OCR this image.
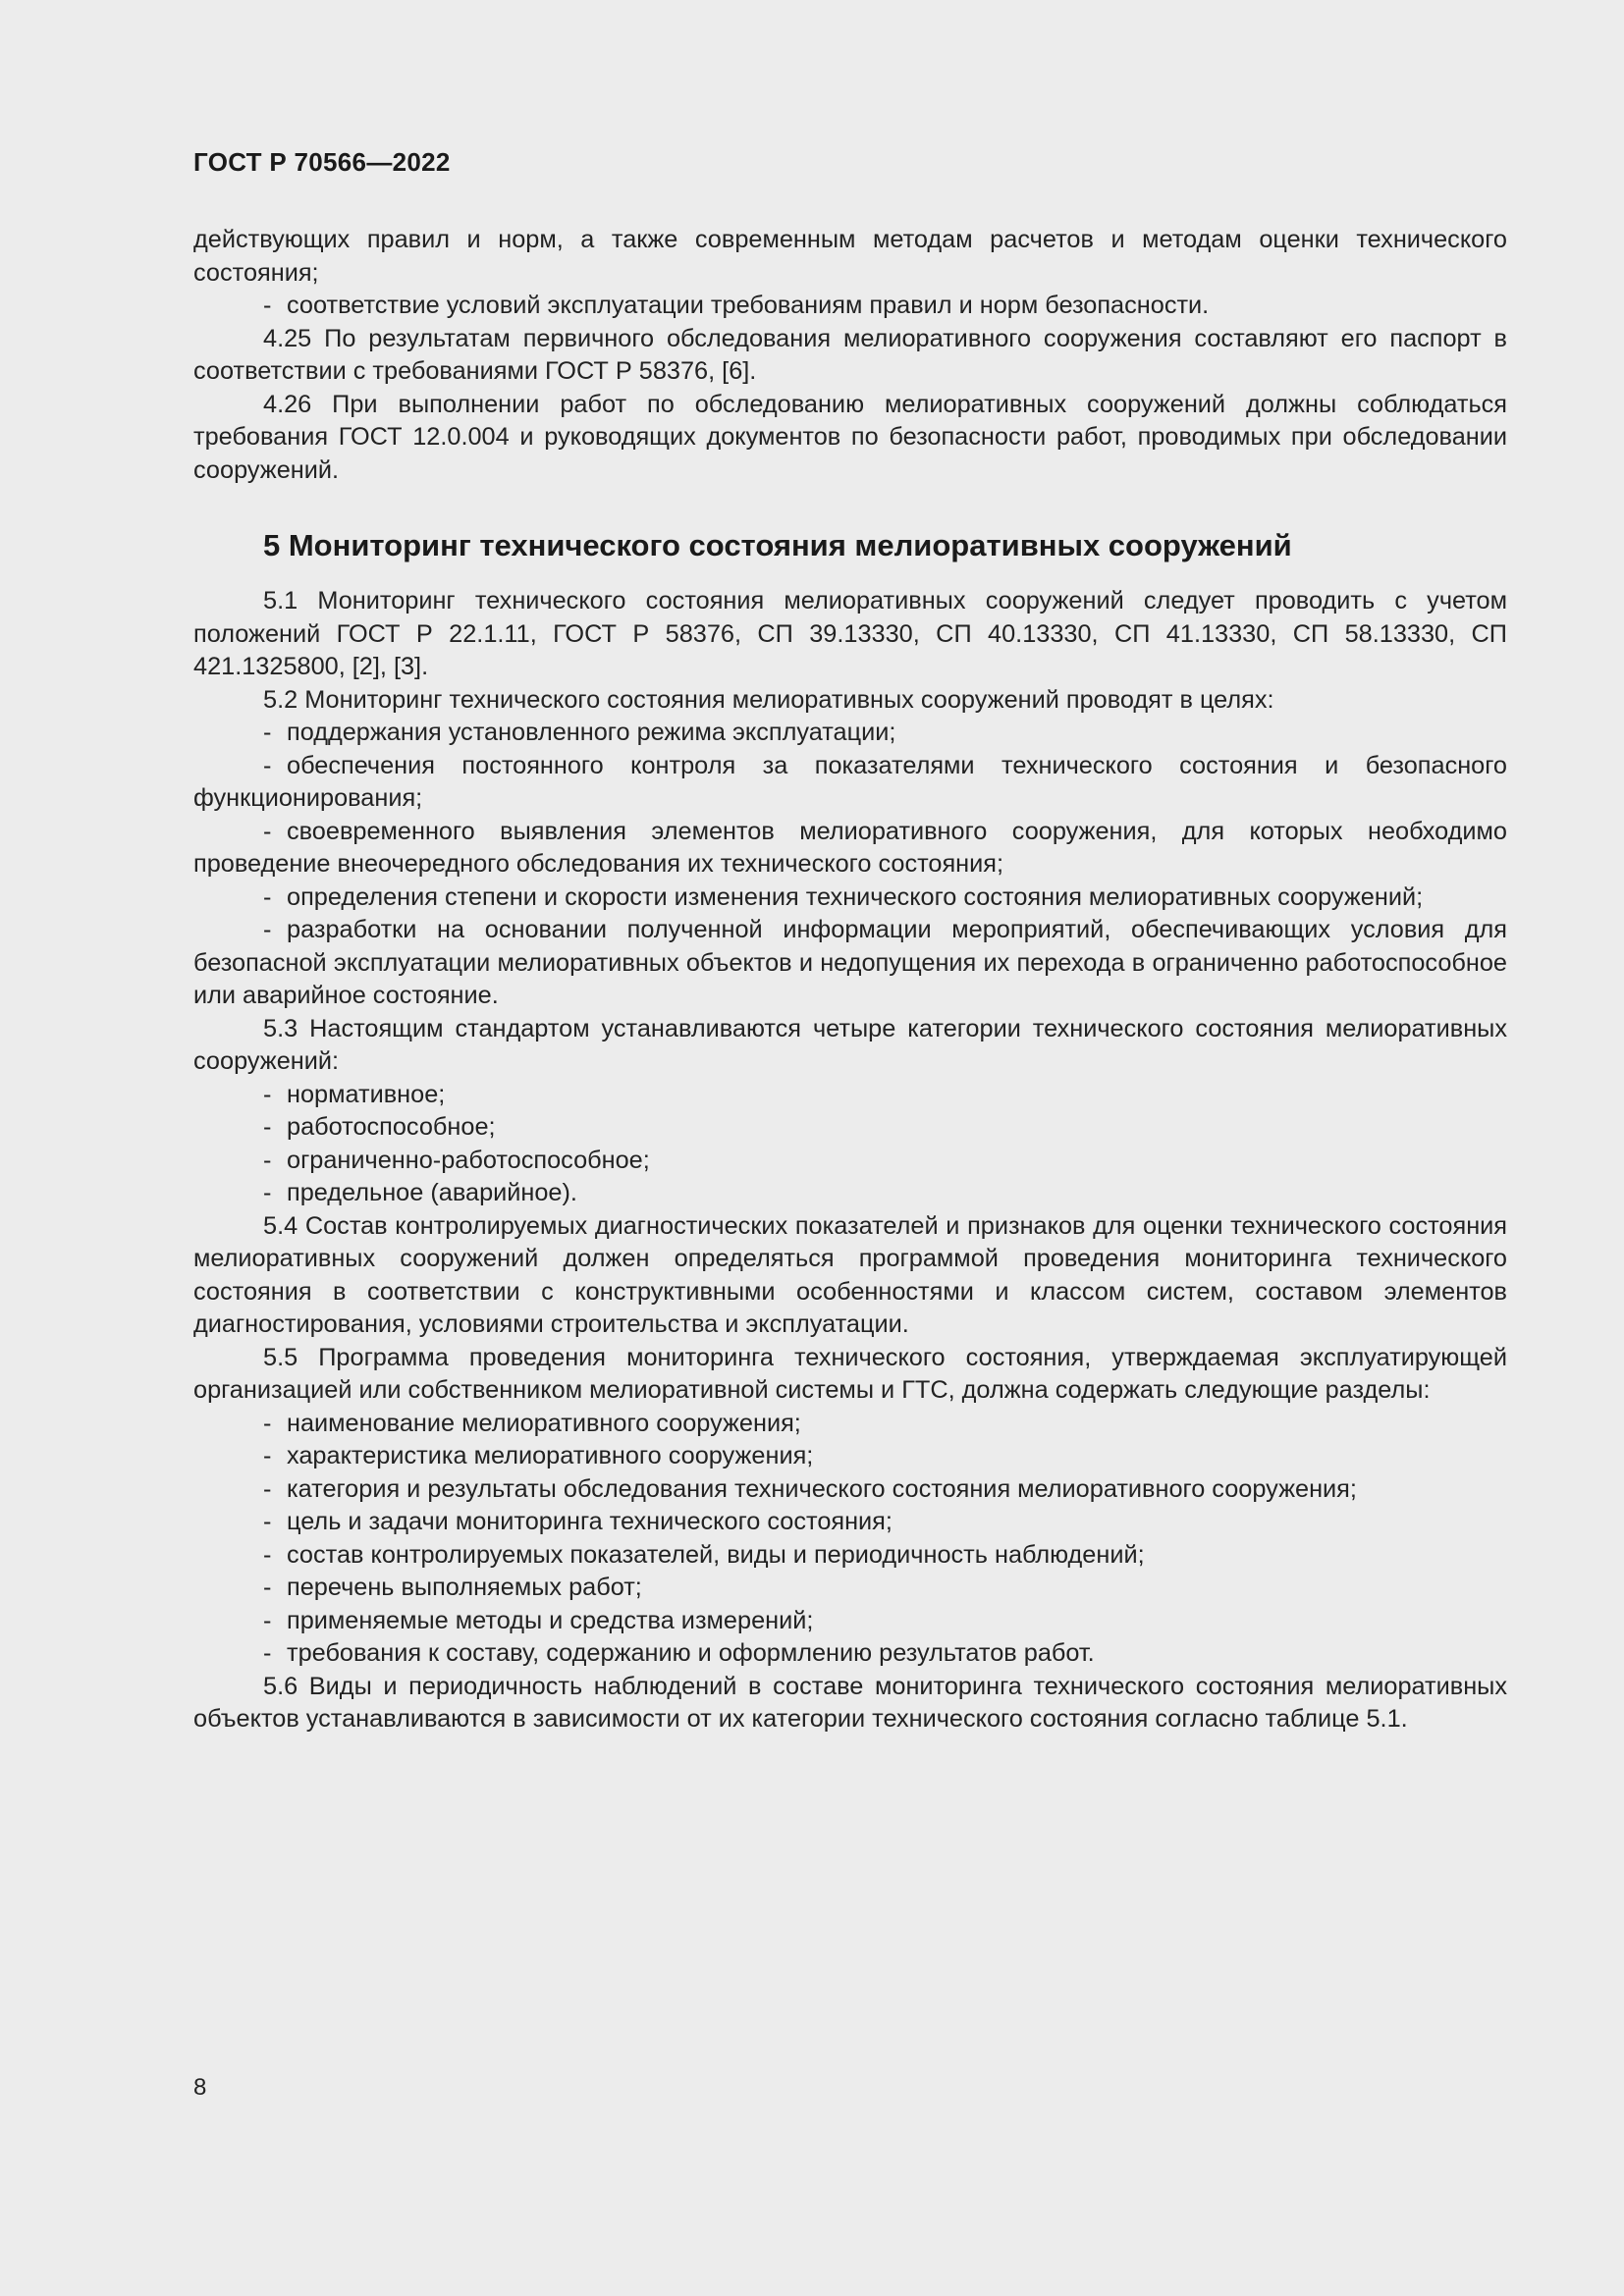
ГОСТ Р 70566—2022

действующих правил и норм, а также современным методам расчетов и методам оценки технического состояния;

- соответствие условий эксплуатации требованиям правил и норм безопасности.

4.25 По результатам первичного обследования мелиоративного сооружения составляют его паспорт в соответствии с требованиями ГОСТ Р 58376, [6].

4.26 При выполнении работ по обследованию мелиоративных сооружений должны соблюдаться требования ГОСТ 12.0.004 и руководящих документов по безопасности работ, проводимых при обследовании сооружений.

5 Мониторинг технического состояния мелиоративных сооружений

5.1 Мониторинг технического состояния мелиоративных сооружений следует проводить с учетом положений ГОСТ Р 22.1.11, ГОСТ Р 58376, СП 39.13330, СП 40.13330, СП 41.13330, СП 58.13330, СП 421.1325800, [2], [3].

5.2 Мониторинг технического состояния мелиоративных сооружений проводят в целях:

- поддержания установленного режима эксплуатации;

- обеспечения постоянного контроля за показателями технического состояния и безопасного функционирования;

- своевременного выявления элементов мелиоративного сооружения, для которых необходимо проведение внеочередного обследования их технического состояния;

- определения степени и скорости изменения технического состояния мелиоративных сооружений;

- разработки на основании полученной информации мероприятий, обеспечивающих условия для безопасной эксплуатации мелиоративных объектов и недопущения их перехода в ограниченно работоспособное или аварийное состояние.

5.3 Настоящим стандартом устанавливаются четыре категории технического состояния мелиоративных сооружений:

- нормативное;

- работоспособное;

- ограниченно-работоспособное;

- предельное (аварийное).

5.4 Состав контролируемых диагностических показателей и признаков для оценки технического состояния мелиоративных сооружений должен определяться программой проведения мониторинга технического состояния в соответствии с конструктивными особенностями и классом систем, составом элементов диагностирования, условиями строительства и эксплуатации.

5.5 Программа проведения мониторинга технического состояния, утверждаемая эксплуатирующей организацией или собственником мелиоративной системы и ГТС, должна содержать следующие разделы:

- наименование мелиоративного сооружения;

- характеристика мелиоративного сооружения;

- категория и результаты обследования технического состояния мелиоративного сооружения;

- цель и задачи мониторинга технического состояния;

- состав контролируемых показателей, виды и периодичность наблюдений;

- перечень выполняемых работ;

- применяемые методы и средства измерений;

- требования к составу, содержанию и оформлению результатов работ.

5.6 Виды и периодичность наблюдений в составе мониторинга технического состояния мелиоративных объектов устанавливаются в зависимости от их категории технического состояния согласно таблице 5.1.

8
